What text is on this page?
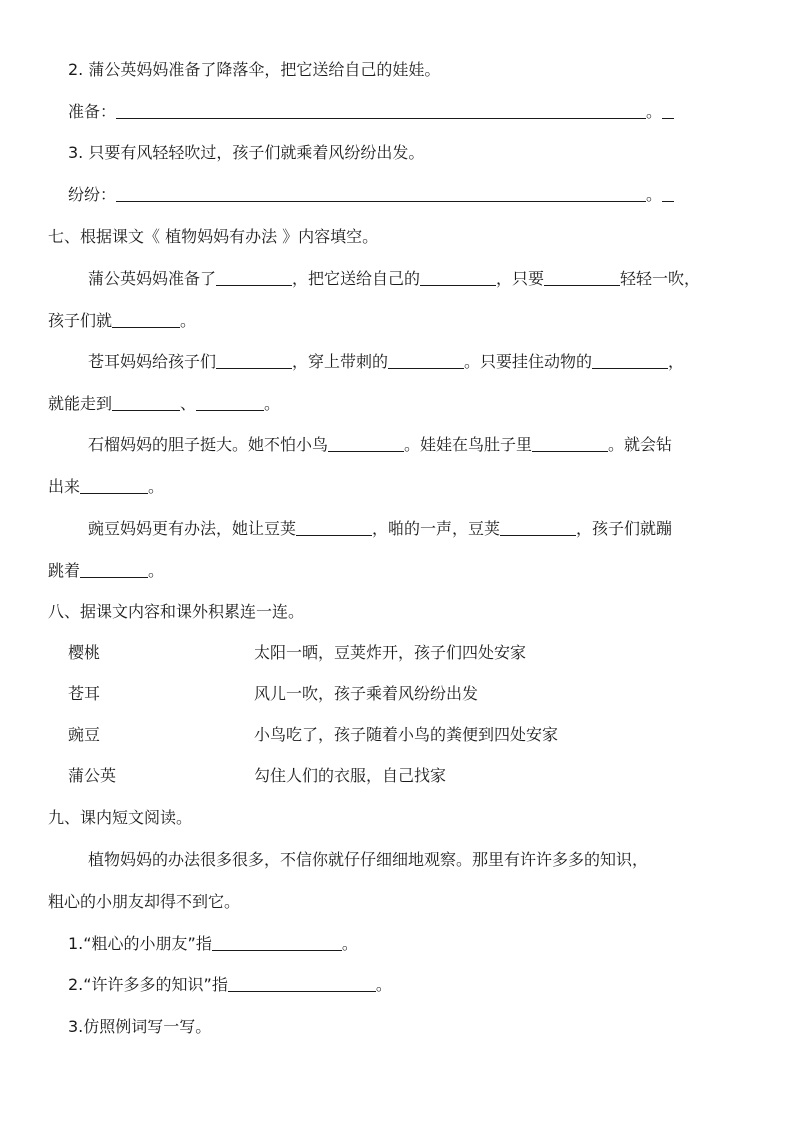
2. 蒲公英妈妈准备了降落伞，把它送给自己的娃娃。
准备：	。
3. 只要有风轻轻吹过，孩子们就乘着风纷纷出发。
纷纷：	。
七、根据课文《 植物妈妈有办法 》内容填空。
蒲公英妈妈准备了	，把它送给自己的	，只要	轻轻一吹，
孩子们就	。
苍耳妈妈给孩子们	，穿上带刺的	。只要挂住动物的	，
就能走到	、	。
石榴妈妈的胆子挺大。她不怕小鸟	。娃娃在鸟肚子里	。就会钻
出来	。
豌豆妈妈更有办法，她让豆荚	，啪的一声，豆荚	，孩子们就蹦
跳着	。
八、据课文内容和课外积累连一连。
樱桃	太阳一晒，豆荚炸开，孩子们四处安家
苍耳	风儿一吹，孩子乘着风纷纷出发
豌豆	小鸟吃了，孩子随着小鸟的粪便到四处安家
蒲公英	勾住人们的衣服，自己找家
九、课内短文阅读。
植物妈妈的办法很多很多，不信你就仔仔细细地观察。那里有许许多多的知识，
粗心的小朋友却得不到它。
1.“粗心的小朋友”指	。
2.“许许多多的知识”指	。
3.仿照例词写一写。
